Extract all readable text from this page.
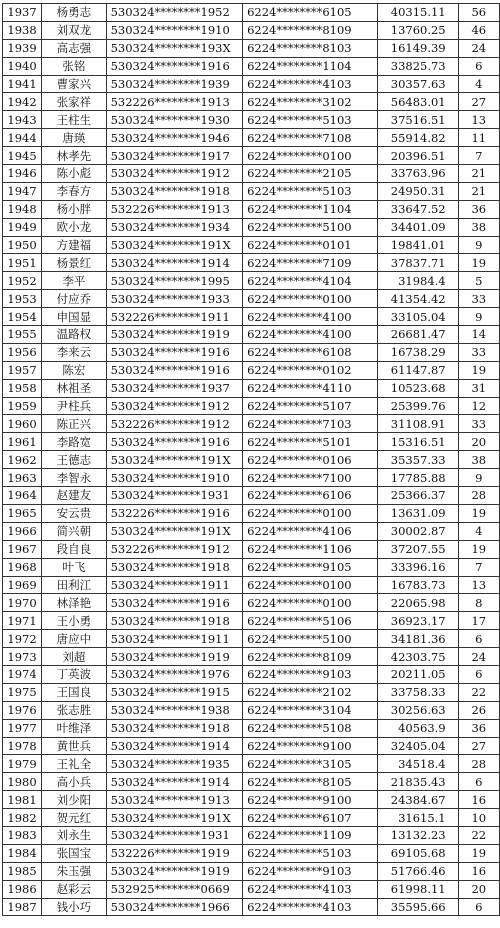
1937	杨勇志	530324********1952	6224********6105	40315.11	56
1938	刘双龙	530324********1910	6224********8109	13760.25	46
1939	高志强	530324********193X	6224********8103	16149.39	24
1940	张铭	530324********1916	6224********1104	33825.73	6
1941	曹家兴	530324********1939	6224********4103	30357.63	4
1942	张家祥	532226********1913	6224********3102	56483.01	27
1943	王柱生	530324********1930	6224********5103	37516.51	13
1944	唐瑛	530324********1946	6224********7108	55914.82	11
1945	林孝先	530324********1917	6224********0100	20396.51	7
1946	陈小彪	530324********1912	6224********2105	33763.96	21
1947	李春方	530324********1918	6224********5103	24950.31	21
1948	杨小胖	532226********1913	6224********1104	33647.52	36
1949	欧小龙	530324********1934	6224********5100	34401.09	38
1950	方建福	530324********191X	6224********0101	19841.01	9
1951	杨景红	530324********1914	6224********7109	37837.71	19
1952	李平	530324********1995	6224********4104	31984.4	5
1953	付应乔	530324********1933	6224********0100	41354.42	33
1954	申国显	532226********1911	6224********4100	33105.04	9
1955	温路权	530324********1919	6224********4100	26681.47	14
1956	李来云	530324********1916	6224********6108	16738.29	33
1957	陈宏	530324********1916	6224********0102	61147.87	19
1958	林祖圣	530324********1937	6224********4110	10523.68	31
1959	尹柱兵	530324********1912	6224********5107	25399.76	12
1960	陈正兴	532226********1912	6224********7103	31108.91	33
1961	李路宽	530324********1916	6224********5101	15316.51	20
1962	王德志	530324********191X	6224********0106	35357.33	38
1963	李智永	530324********1910	6224********7100	17785.88	9
1964	赵建友	530324********1931	6224********6106	25366.37	28
1965	安云贵	532226********1916	6224********0100	13631.09	19
1966	简兴朝	530324********191X	6224********4106	30002.87	4
1967	段自良	532226********1912	6224********1106	37207.55	19
1968	叶飞	530324********1918	6224********9105	33396.16	7
1969	田利江	530324********1911	6224********0100	16783.73	13
1970	林泽艳	530324********1916	6224********0100	22065.98	8
1971	王小勇	530324********1918	6224********5106	36923.17	17
1972	唐应中	530324********1911	6224********5100	34181.36	6
1973	刘超	530324********1919	6224********8109	42303.75	24
1974	丁英波	530324********1976	6224********9103	20211.05	6
1975	王国良	530324********1915	6224********2102	33758.33	22
1976	张志胜	530324********1938	6224********3104	30256.63	26
1977	叶维泽	530324********1918	6224********5108	40563.9	36
1978	黄世兵	530324********1914	6224********9100	32405.04	27
1979	王礼全	530324********1935	6224********3105	34518.4	28
1980	高小兵	530324********1914	6224********8105	21835.43	6
1981	刘少阳	530324********1913	6224********9100	24384.67	16
1982	贺元红	530324********191X	6224********6107	31615.1	10
1983	刘永生	530324********1931	6224********1109	13132.23	22
1984	张国宝	532226********1919	6224********5103	69105.68	19
1985	朱玉强	530324********1919	6224********9103	51766.46	16
1986	赵彩云	532925********0669	6224********4103	61998.11	20
1987	钱小巧	530324********1966	6224********4103	35595.66	6
